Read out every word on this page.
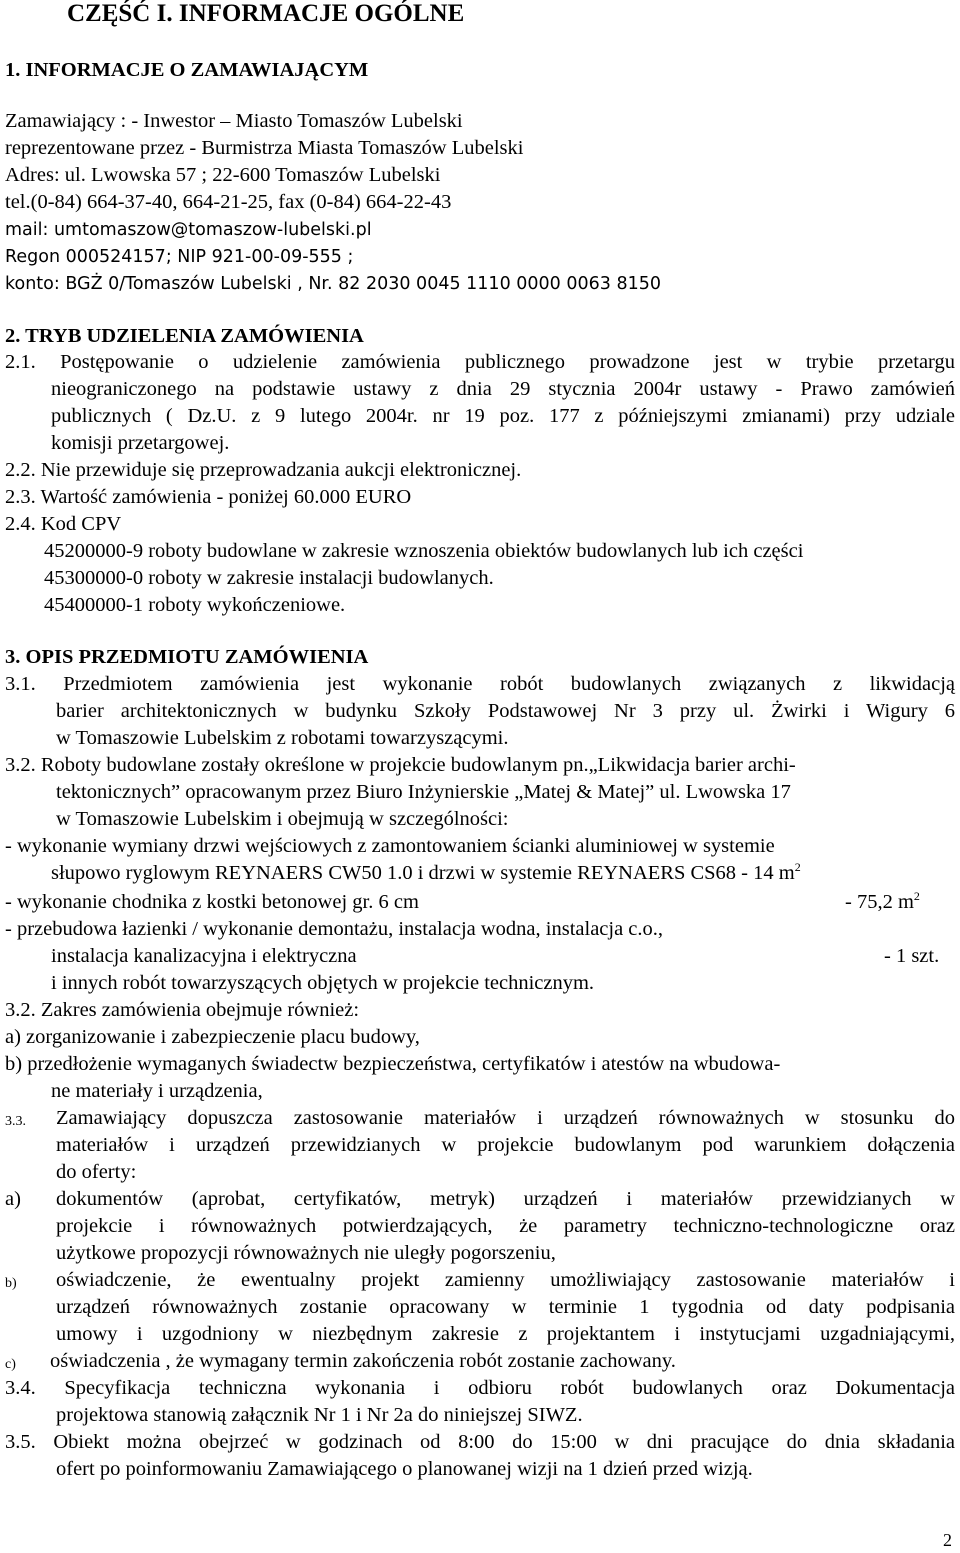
CZĘŚĆ I. INFORMACJE OGÓLNE
1. INFORMACJE O ZAMAWIAJĄCYM
Zamawiający : - Inwestor – Miasto Tomaszów Lubelski
reprezentowane przez - Burmistrza Miasta Tomaszów Lubelski
Adres: ul. Lwowska 57 ; 22-600 Tomaszów Lubelski
tel.(0-84) 664-37-40, 664-21-25, fax (0-84) 664-22-43
mail: umtomaszow@tomaszow-lubelski.pl
Regon 000524157; NIP 921-00-09-555 ;
konto: BGŻ 0/Tomaszów Lubelski , Nr. 82 2030 0045 1110 0000 0063 8150
2. TRYB UDZIELENIA ZAMÓWIENIA
2.1. Postępowanie o udzielenie zamówienia publicznego prowadzone jest w trybie przetargu
nieograniczonego na podstawie ustawy z dnia 29 stycznia 2004r ustawy - Prawo zamówień
publicznych ( Dz.U. z 9 lutego 2004r. nr 19 poz. 177 z późniejszymi zmianami) przy udziale
komisji przetargowej.
2.2. Nie przewiduje się przeprowadzania aukcji elektronicznej.
2.3. Wartość zamówienia - poniżej 60.000 EURO
2.4. Kod CPV
45200000-9 roboty budowlane w zakresie wznoszenia obiektów budowlanych lub ich części
45300000-0 roboty w zakresie instalacji budowlanych.
45400000-1 roboty wykończeniowe.
3. OPIS PRZEDMIOTU ZAMÓWIENIA
3.1. Przedmiotem zamówienia jest wykonanie robót budowlanych związanych z likwidacją
barier architektonicznych w budynku Szkoły Podstawowej Nr 3 przy ul. Żwirki i Wigury 6
w Tomaszowie Lubelskim z robotami towarzyszącymi.
3.2. Roboty budowlane zostały określone w projekcie budowlanym pn.„Likwidacja barier archi-
tektonicznych” opracowanym przez Biuro Inżynierskie „Matej & Matej” ul. Lwowska 17
w Tomaszowie Lubelskim i obejmują w szczególności:
- wykonanie wymiany drzwi wejściowych z zamontowaniem ścianki aluminiowej w systemie
słupowo ryglowym REYNAERS CW50 1.0 i drzwi w systemie REYNAERS CS68 - 14 $m^2$
- wykonanie chodnika z kostki betonowej gr. 6 cm	- 75,2 $m^2$
- przebudowa łazienki / wykonanie demontażu, instalacja wodna, instalacja c.o.,
instalacja kanalizacyjna i elektryczna	- 1 szt.
i innych robót towarzyszących objętych w projekcie technicznym.
3.2. Zakres zamówienia obejmuje również:
a) zorganizowanie i zabezpieczenie placu budowy,
b) przedłożenie wymaganych świadectw bezpieczeństwa, certyfikatów i atestów na wbudowa-
ne materiały i urządzenia,
3.3. Zamawiający dopuszcza zastosowanie materiałów i urządzeń równoważnych w stosunku do
materiałów i urządzeń przewidzianych w projekcie budowlanym pod warunkiem dołączenia
do oferty:
a) dokumentów (aprobat, certyfikatów, metryk) urządzeń i materiałów przewidzianych w
projekcie i równoważnych potwierdzających, że parametry techniczno-technologiczne oraz
użytkowe propozycji równoważnych nie uległy pogorszeniu,
b) oświadczenie, że ewentualny projekt zamienny umożliwiający zastosowanie materiałów i
urządzeń równoważnych zostanie opracowany w terminie 1 tygodnia od daty podpisania
umowy i uzgodniony w niezbędnym zakresie z projektantem i instytucjami uzgadniającymi,
c) oświadczenia , że wymagany termin zakończenia robót zostanie zachowany.
3.4. Specyfikacja techniczna wykonania i odbioru robót budowlanych oraz Dokumentacja
projektowa stanowią załącznik Nr 1 i Nr 2a do niniejszej SIWZ.
3.5. Obiekt można obejrzeć w godzinach od 8:00 do 15:00 w dni pracujące do dnia składania
ofert po poinformowaniu Zamawiającego o planowanej wizji na 1 dzień przed wizją.
2
